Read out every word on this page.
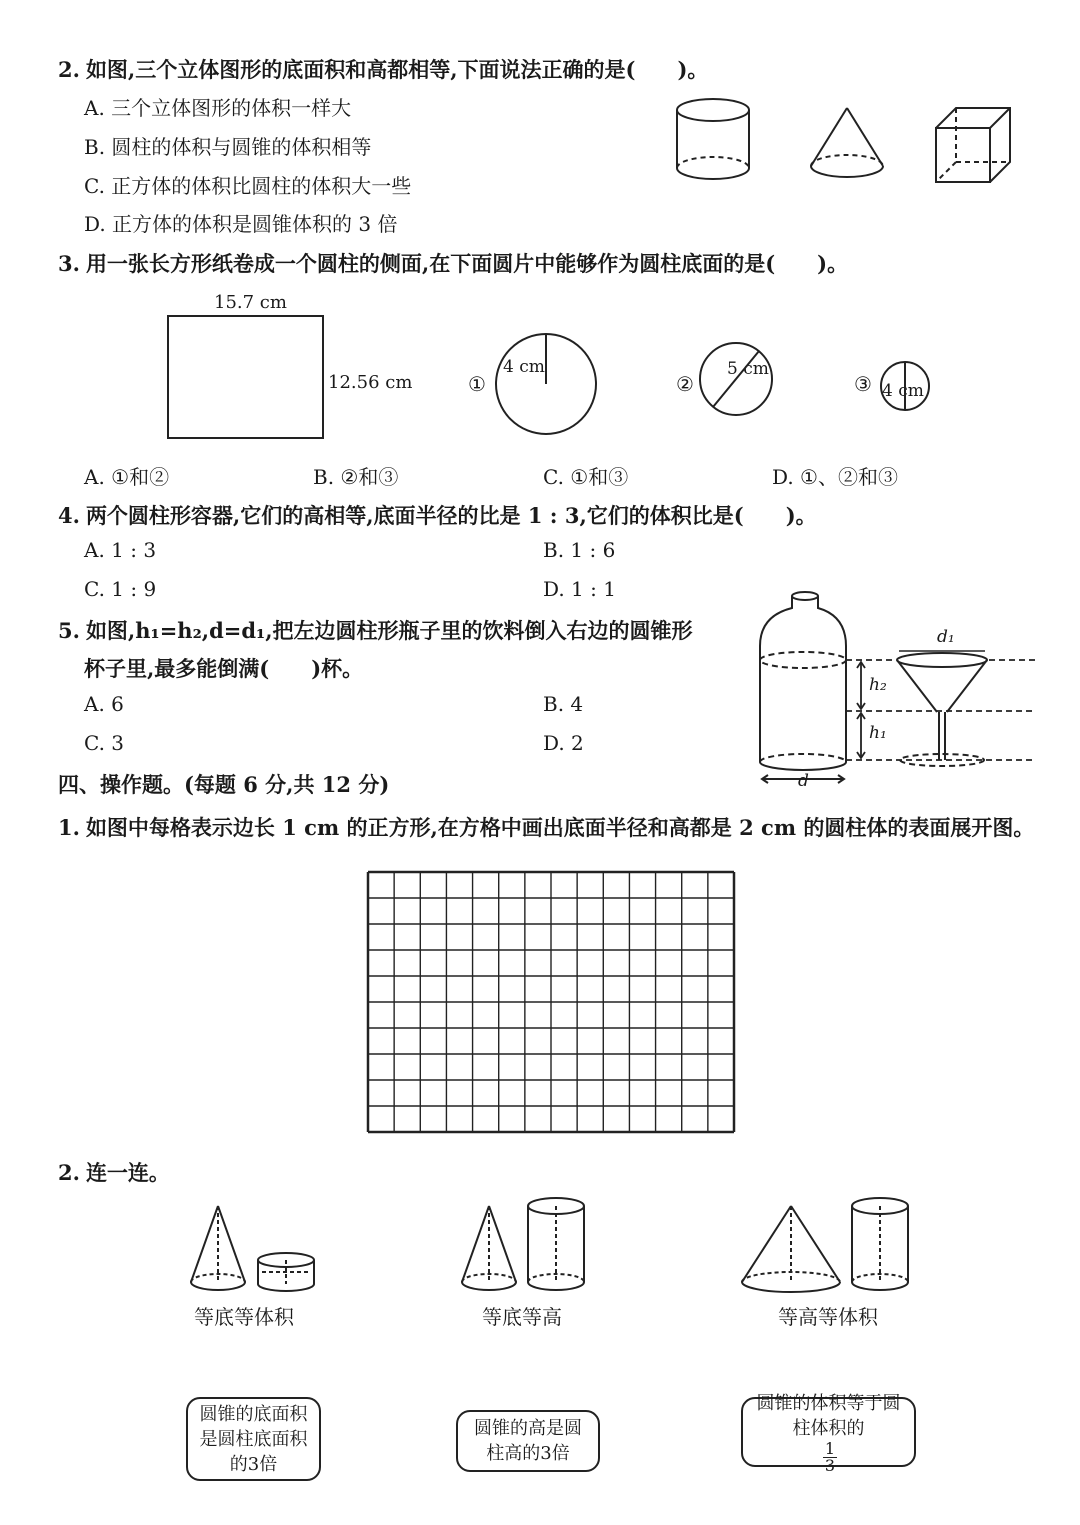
2. 如图,三个立体图形的底面积和高都相等,下面说法正确的是(　　)。
A. 三个立体图形的体积一样大
B. 圆柱的体积与圆锥的体积相等
C. 正方体的体积比圆柱的体积大一些
D. 正方体的体积是圆锥体积的 3 倍
3. 用一张长方形纸卷成一个圆柱的侧面,在下面圆片中能够作为圆柱底面的是(　　)。
15.7 cm
12.56 cm	①
4 cm
②
5 cm
③ 4 cm
A. ①和②	B. ②和③	C. ①和③	D. ①、②和③
4. 两个圆柱形容器,它们的高相等,底面半径的比是 1 : 3,它们的体积比是(　　)。
A. 1 : 3	B. 1 : 6
C. 1 : 9	D. 1 : 1
5. 如图,h₁=h₂,d=d₁,把左边圆柱形瓶子里的饮料倒入右边的圆锥形
杯子里,最多能倒满(　　)杯。
A. 6	B. 4
C. 3	D. 2
d₁
h₂
h₁
d
四、操作题。(每题 6 分,共 12 分)
1. 如图中每格表示边长 1 cm 的正方形,在方格中画出底面半径和高都是 2 cm 的圆柱体的表面展开图。
2. 连一连。
等底等体积	等底等高	等高等体积
圆锥的底面积是圆柱底面积的3倍
圆锥的高是圆柱高的3倍
圆锥的体积等于圆柱体积的
$\frac{1}{3}$
